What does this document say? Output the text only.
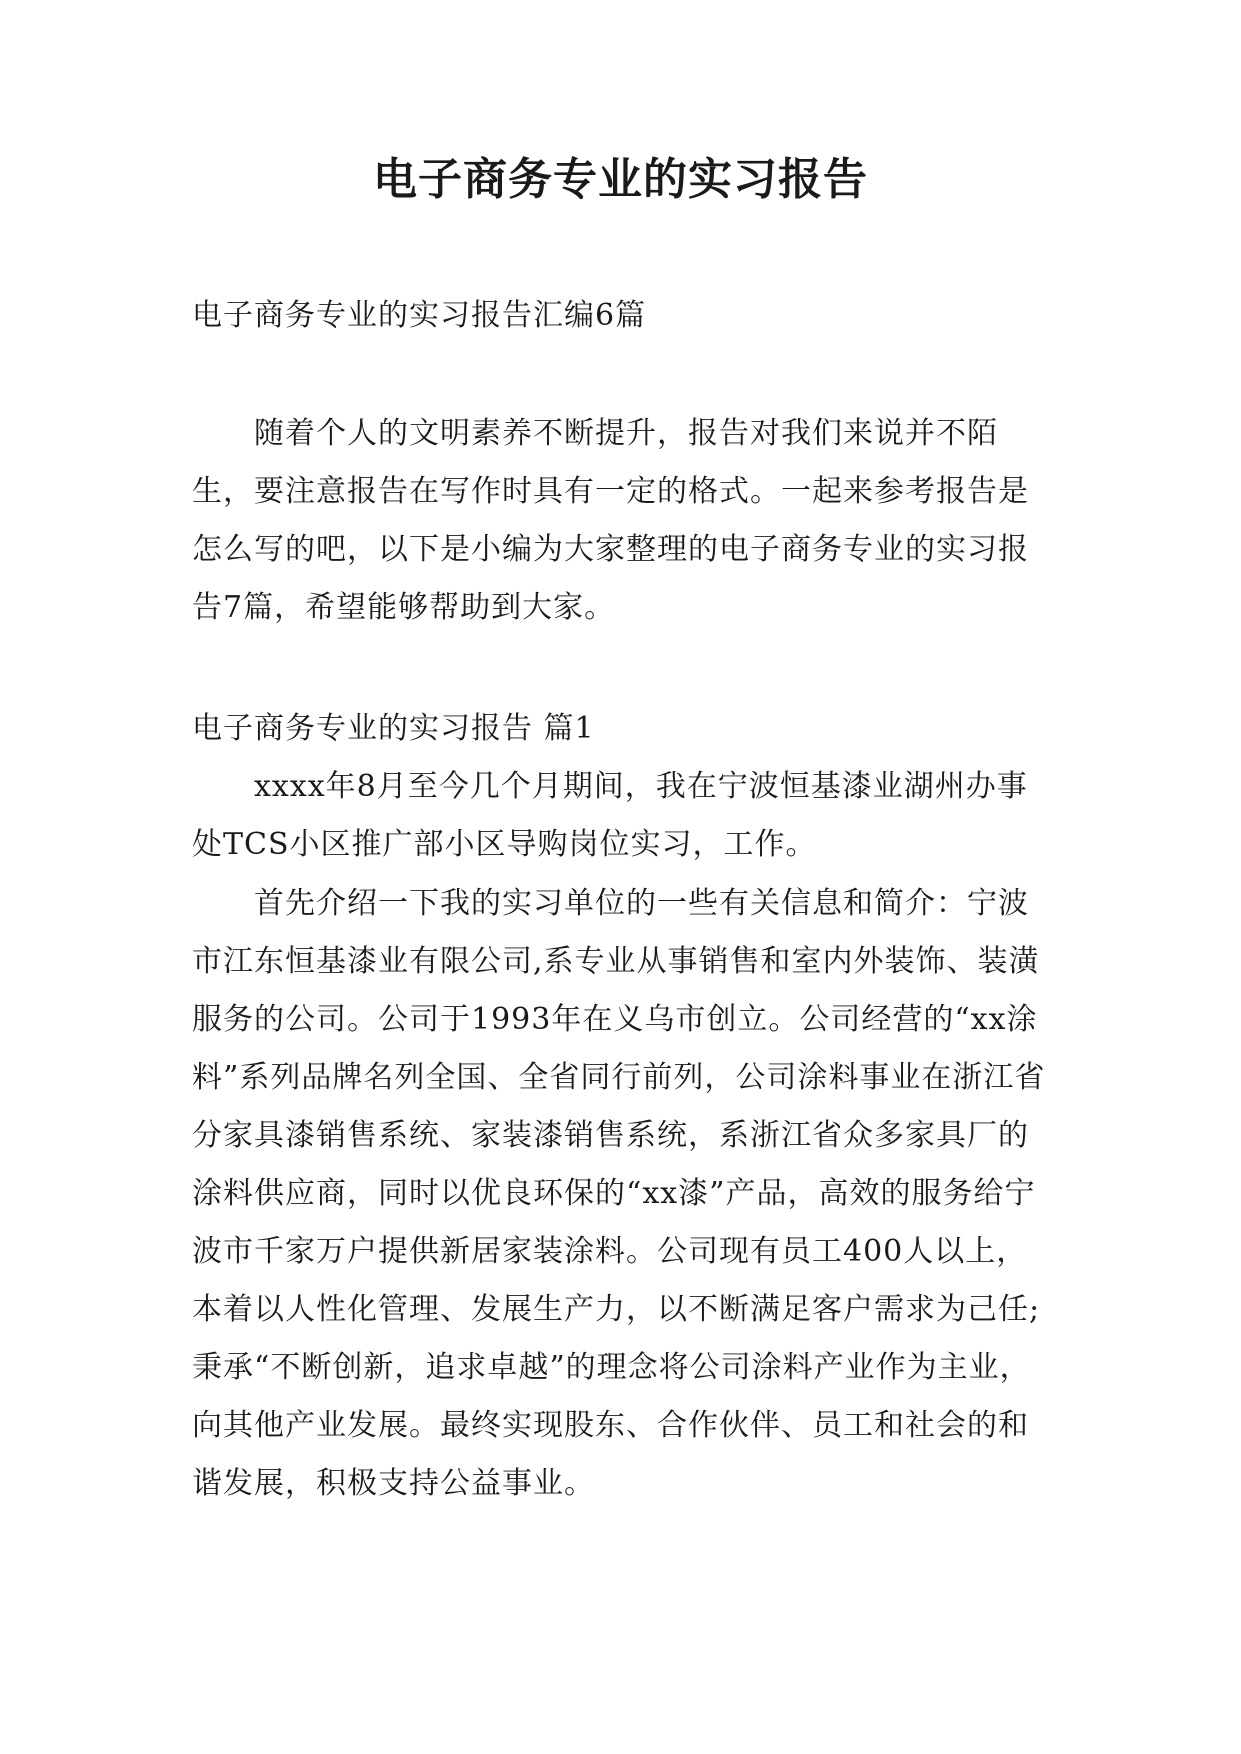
电子商务专业的实习报告

电子商务专业的实习报告汇编6篇

随着个人的文明素养不断提升，报告对我们来说并不陌生，要注意报告在写作时具有一定的格式。一起来参考报告是怎么写的吧，以下是小编为大家整理的电子商务专业的实习报告7篇，希望能够帮助到大家。

电子商务专业的实习报告 篇1

xxxx年8月至今几个月期间，我在宁波恒基漆业湖州办事处TCS小区推广部小区导购岗位实习，工作。

首先介绍一下我的实习单位的一些有关信息和简介：宁波市江东恒基漆业有限公司,系专业从事销售和室内外装饰、装潢服务的公司。公司于1993年在义乌市创立。公司经营的“xx涂料”系列品牌名列全国、全省同行前列，公司涂料事业在浙江省分家具漆销售系统、家装漆销售系统，系浙江省众多家具厂的涂料供应商，同时以优良环保的“xx漆”产品，高效的服务给宁波市千家万户提供新居家装涂料。公司现有员工400人以上，本着以人性化管理、发展生产力，以不断满足客户需求为己任;秉承“不断创新，追求卓越”的理念将公司涂料产业作为主业，向其他产业发展。最终实现股东、合作伙伴、员工和社会的和谐发展，积极支持公益事业。
